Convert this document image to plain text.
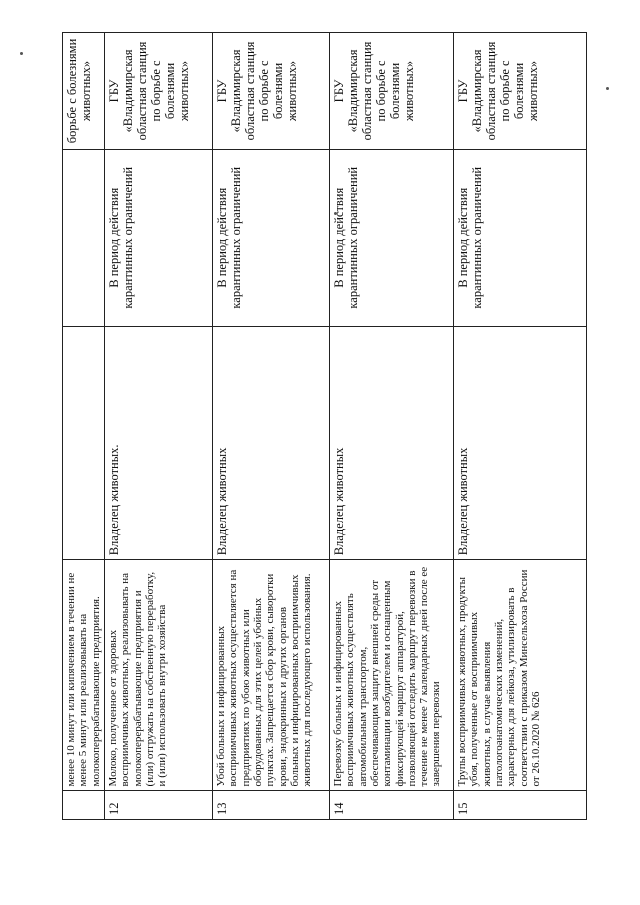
	менее 10 минут или кипячением в течении не менее 5 минут или реализовывать на молокоперерабатывающие предприятия.			борьбе с болезнями животных»
12	Молоко, полученное от здоровых восприимчивых животных, реализовывать на молокоперерабатывающие предприятия и (или) отгружать на собственную переработку, и (или) использовать внутри хозяйства	Владелец животных.	В период действия карантинных ограничений	ГБУ «Владимирская областная станция по борьбе с болезнями животных»
13	Убой больных и инфицированных восприимчивых животных осуществляется на предприятиях по убою животных или оборудованных для этих целей убойных пунктах. Запрещается сбор крови, сыворотки крови, эндокринных и других органов больных и инфицированных восприимчивых животных для последующего использования.	Владелец животных	В период действия карантинных ограничений	ГБУ «Владимирская областная станция по борьбе с болезнями животных»
14	Перевозку больных и инфицированных восприимчивых животных осуществлять автомобильным транспортом, обеспечивающим защиту внешней среды от контаминации возбудителем и оснащенным фиксирующей маршрут аппаратурой, позволяющей отследить маршрут перевозки в течение не менее 7 календарных дней после ее завершения перевозки	Владелец животных	В период действия карантинных ограничений	ГБУ «Владимирская областная станция по борьбе с болезнями животных»
15	Трупы восприимчивых животных, продукты убоя, полученные от восприимчивых животных, в случае выявления патологоанатомических изменений, характерных для лейкоза, утилизировать в соответствии с приказом Минсельхоза России от 26.10.2020 № 626	Владелец животных	В период действия карантинных ограничений	ГБУ «Владимирская областная станция по борьбе с болезнями животных»
